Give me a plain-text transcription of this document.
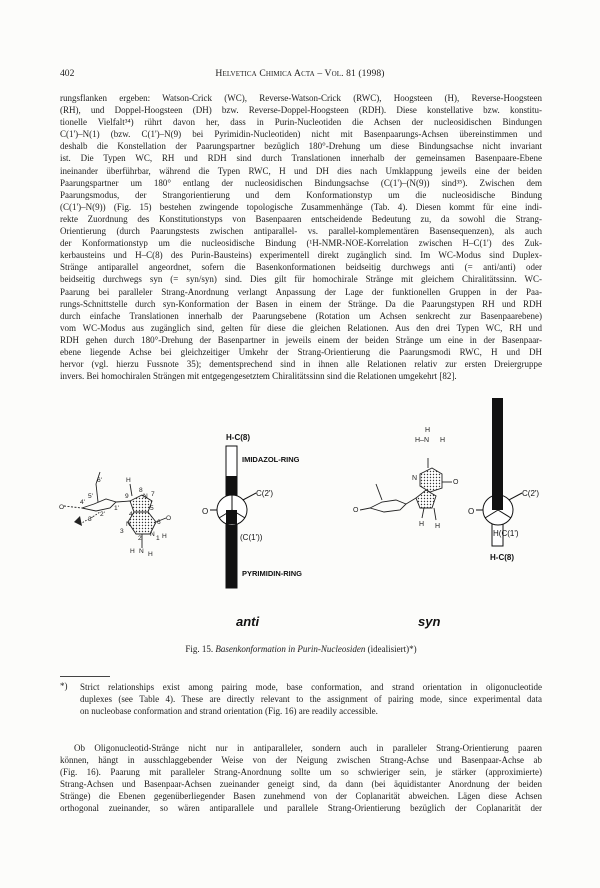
402	Helvetica Chimica Acta – Vol. 81 (1998)
rungsflanken ergeben: Watson-Crick (WC), Reverse-Watson-Crick (RWC), Hoogsteen (H), Reverse-Hoogsteen
(RH), und Doppel-Hoogsteen (DH) bzw. Reverse-Doppel-Hoogsteen (RDH). Diese konstellative bzw. konstitu-
tionelle Vielfalt³⁴) rührt davon her, dass in Purin-Nucleotiden die Achsen der nucleosidischen Bindungen
C(1')–N(1) (bzw. C(1')–N(9) bei Pyrimidin-Nucleotiden) nicht mit Basenpaarungs-Achsen übereinstimmen und
deshalb die Konstellation der Paarungspartner bezüglich 180°-Drehung um diese Bindungsachse nicht invariant
ist. Die Typen WC, RH und RDH sind durch Translationen innerhalb der gemeinsamen Basenpaare-Ebene
ineinander überführbar, während die Typen RWC, H und DH dies nach Umklappung jeweils eine der beiden
Paarungspartner um 180° entlang der nucleosidischen Bindungsachse (C(1')–(N(9)) sind³⁵). Zwischen dem
Paarungsmodus, der Strangorientierung und dem Konformationstyp um die nucleosidische Bindung
(C(1')–N(9)) (Fig. 15) bestehen zwingende topologische Zusammenhänge (Tab. 4). Diesen kommt für eine indi-
rekte Zuordnung des Konstitutionstyps von Basenpaaren entscheidende Bedeutung zu, da sowohl die Strang-
Orientierung (durch Paarungstests zwischen antiparallel- vs. parallel-komplementären Basensequenzen), als auch
der Konformationstyp um die nucleosidische Bindung (¹H-NMR-NOE-Korrelation zwischen H–C(1') des Zuk-
kerbausteins und H–C(8) des Purin-Bausteins) experimentell direkt zugänglich sind. Im WC-Modus sind Duplex-
Stränge antiparallel angeordnet, sofern die Basenkonformationen beidseitig durchwegs anti (= anti/anti) oder
beidseitig durchwegs syn (= syn/syn) sind. Dies gilt für homochirale Stränge mit gleichem Chiralitätssinn. WC-
Paarung bei paralleler Strang-Anordnung verlangt Anpassung der Lage der funktionellen Gruppen in der Paa-
rungs-Schnittstelle durch syn-Konformation der Basen in einem der Stränge. Da die Paarungstypen RH und RDH
durch einfache Translationen innerhalb der Paarungsebene (Rotation um Achsen senkrecht zur Basenpaarebene)
vom WC-Modus aus zugänglich sind, gelten für diese die gleichen Relationen. Aus den drei Typen WC, RH und
RDH gehen durch 180°-Drehung der Basenpartner in jeweils einem der beiden Stränge um eine in der Basenpaar-
ebene liegende Achse bei gleichzeitiger Umkehr der Strang-Orientierung die Paarungsmodi RWC, H und DH
hervor (vgl. hierzu Fussnote 35); dementsprechend sind in ihnen alle Relationen relativ zur ersten Dreiergruppe
invers. Bei homochiralen Strängen mit entgegengesetztem Chiralitätssinn sind die Relationen umgekehrt [82].
6'
5'
O
4'
3'
2'
1'
H
8
N 7
9
5
4
6
O
N
N
3
2 1 H
H N H
H-C(8)
IMIDAZOL-RING
C(2')
O
(C(1'))
PYRIMIDIN-RING
anti
H
H–N H
N
O
O
H H
O
C(2')
H(C(1')
H-C(8)
syn
Fig. 15. Basenkonformation in Purin-Nucleosiden (idealisiert)*)
*) Strict relationships exist among pairing mode, base conformation, and strand orientation in oligonucleotide
duplexes (see Table 4). These are directly relevant to the assignment of pairing mode, since experimental data
on nucleobase conformation and strand orientation (Fig. 16) are readily accessible.
Ob Oligonucleotid-Stränge nicht nur in antiparalleler, sondern auch in paralleler Strang-Orientierung paaren
können, hängt in ausschlaggebender Weise von der Neigung zwischen Strang-Achse und Basenpaar-Achse ab
(Fig. 16). Paarung mit paralleler Strang-Anordnung sollte um so schwieriger sein, je stärker (approximierte)
Strang-Achsen und Basenpaar-Achsen zueinander geneigt sind, da dann (bei äquidistanter Anordnung der beiden
Stränge) die Ebenen gegenüberliegender Basen zunehmend von der Coplanarität abweichen. Lägen diese Achsen
orthogonal zueinander, so wären antiparallele und parallele Strang-Orientierung bezüglich der Coplanarität der
